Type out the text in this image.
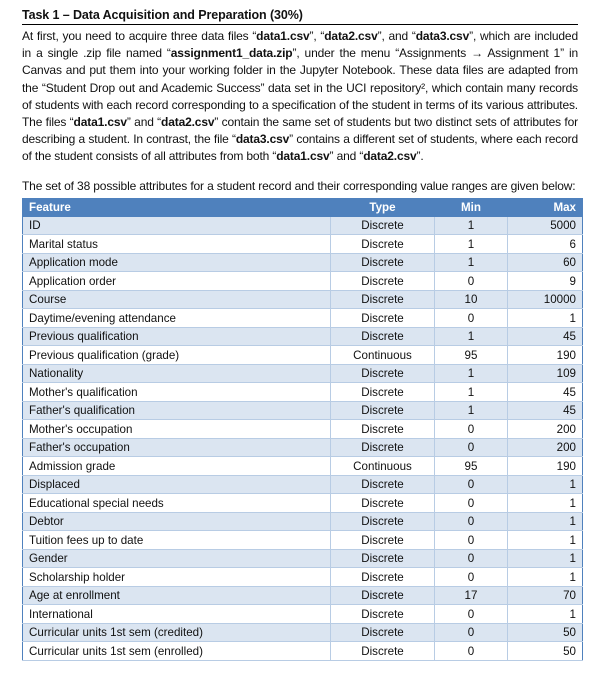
Task 1 – Data Acquisition and Preparation (30%)
At first, you need to acquire three data files “data1.csv”, “data2.csv”, and “data3.csv”, which are included in a single .zip file named “assignment1_data.zip”, under the menu “Assignments → Assignment 1” in Canvas and put them into your working folder in the Jupyter Notebook. These data files are adapted from the “Student Drop out and Academic Success” data set in the UCI repository², which contain many records of students with each record corresponding to a specification of the student in terms of its various attributes. The files “data1.csv” and “data2.csv” contain the same set of students but two distinct sets of attributes for describing a student. In contrast, the file “data3.csv” contains a different set of students, where each record of the student consists of all attributes from both “data1.csv” and “data2.csv”.
The set of 38 possible attributes for a student record and their corresponding value ranges are given below:
Feature	Type	Min	Max
ID	Discrete	1	5000
Marital status	Discrete	1	6
Application mode	Discrete	1	60
Application order	Discrete	0	9
Course	Discrete	10	10000
Daytime/evening attendance	Discrete	0	1
Previous qualification	Discrete	1	45
Previous qualification (grade)	Continuous	95	190
Nationality	Discrete	1	109
Mother's qualification	Discrete	1	45
Father's qualification	Discrete	1	45
Mother's occupation	Discrete	0	200
Father's occupation	Discrete	0	200
Admission grade	Continuous	95	190
Displaced	Discrete	0	1
Educational special needs	Discrete	0	1
Debtor	Discrete	0	1
Tuition fees up to date	Discrete	0	1
Gender	Discrete	0	1
Scholarship holder	Discrete	0	1
Age at enrollment	Discrete	17	70
International	Discrete	0	1
Curricular units 1st sem (credited)	Discrete	0	50
Curricular units 1st sem (enrolled)	Discrete	0	50
